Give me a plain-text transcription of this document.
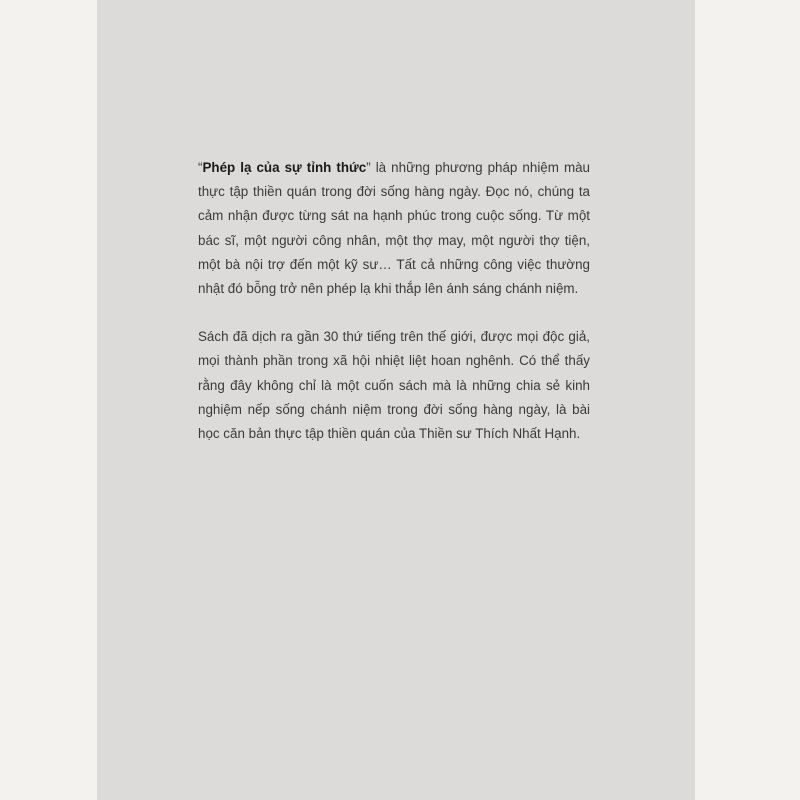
“Phép lạ của sự tỉnh thức” là những phương pháp nhiệm màu thực tập thiền quán trong đời sống hàng ngày. Đọc nó, chúng ta cảm nhận được từng sát na hạnh phúc trong cuộc sống. Từ một bác sĩ, một người công nhân, một thợ may, một người thợ tiện, một bà nội trợ đến một kỹ sư… Tất cả những công việc thường nhật đó bỗng trở nên phép lạ khi thắp lên ánh sáng chánh niệm.

Sách đã dịch ra gần 30 thứ tiếng trên thế giới, được mọi độc giả, mọi thành phần trong xã hội nhiệt liệt hoan nghênh. Có thể thấy rằng đây không chỉ là một cuốn sách mà là những chia sẻ kinh nghiệm nếp sống chánh niệm trong đời sống hàng ngày, là bài học căn bản thực tập thiền quán của Thiền sư Thích Nhất Hạnh.
